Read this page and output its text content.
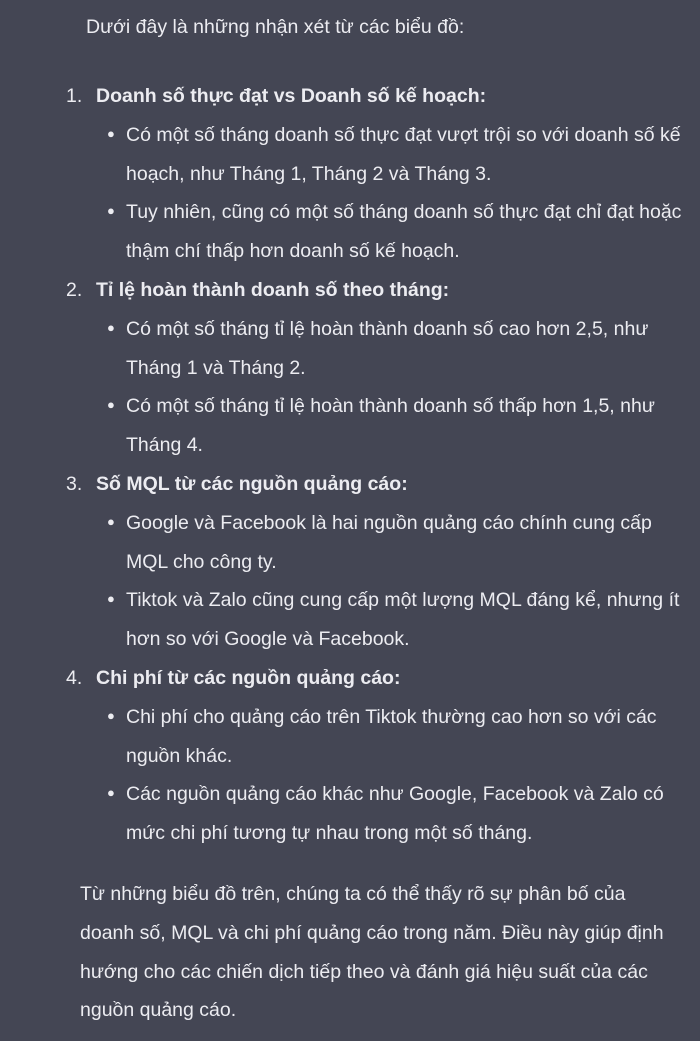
Dưới đây là những nhận xét từ các biểu đồ:

1. Doanh số thực đạt vs Doanh số kế hoạch:
● Có một số tháng doanh số thực đạt vượt trội so với doanh số kế hoạch, như Tháng 1, Tháng 2 và Tháng 3.
● Tuy nhiên, cũng có một số tháng doanh số thực đạt chỉ đạt hoặc thậm chí thấp hơn doanh số kế hoạch.
2. Tỉ lệ hoàn thành doanh số theo tháng:
● Có một số tháng tỉ lệ hoàn thành doanh số cao hơn 2,5, như Tháng 1 và Tháng 2.
● Có một số tháng tỉ lệ hoàn thành doanh số thấp hơn 1,5, như Tháng 4.
3. Số MQL từ các nguồn quảng cáo:
● Google và Facebook là hai nguồn quảng cáo chính cung cấp MQL cho công ty.
● Tiktok và Zalo cũng cung cấp một lượng MQL đáng kể, nhưng ít hơn so với Google và Facebook.
4. Chi phí từ các nguồn quảng cáo:
● Chi phí cho quảng cáo trên Tiktok thường cao hơn so với các nguồn khác.
● Các nguồn quảng cáo khác như Google, Facebook và Zalo có mức chi phí tương tự nhau trong một số tháng.

Từ những biểu đồ trên, chúng ta có thể thấy rõ sự phân bố của doanh số, MQL và chi phí quảng cáo trong năm. Điều này giúp định hướng cho các chiến dịch tiếp theo và đánh giá hiệu suất của các nguồn quảng cáo.
